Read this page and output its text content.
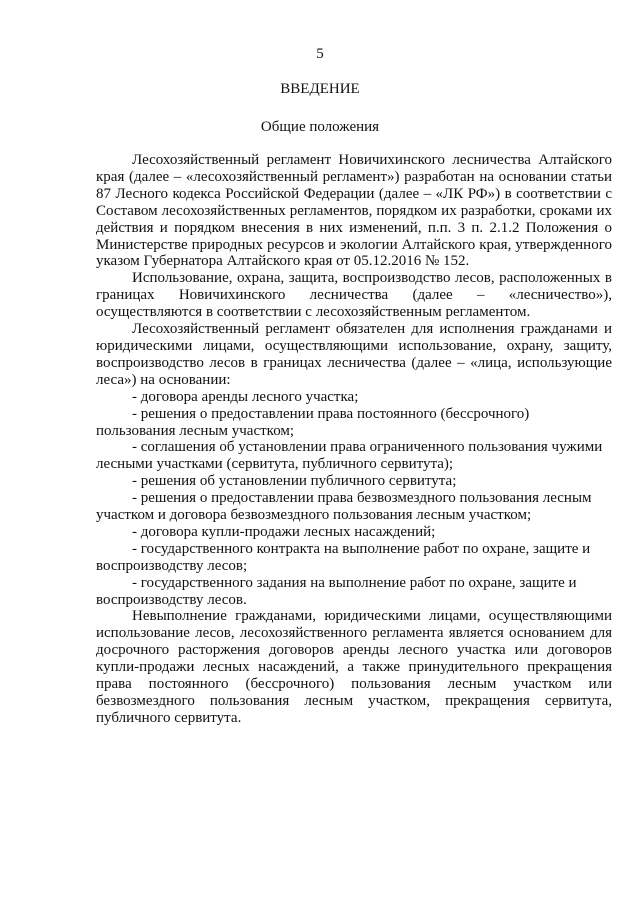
5
ВВЕДЕНИЕ
Общие положения

Лесохозяйственный регламент Новичихинского лесничества Алтайского края (далее – «лесохозяйственный регламент») разработан на основании статьи 87 Лесного кодекса Российской Федерации (далее – «ЛК РФ») в соответствии с Составом лесохозяйственных регламентов, порядком их разработки, сроками их действия и порядком внесения в них изменений, п.п. 3 п. 2.1.2 Положения о Министерстве природных ресурсов и экологии Алтайского края, утвержденного указом Губернатора Алтайского края от 05.12.2016 № 152.

Использование, охрана, защита, воспроизводство лесов, расположенных в границах Новичихинского лесничества (далее – «лесничество»), осуществляются в соответствии с лесохозяйственным регламентом.

Лесохозяйственный регламент обязателен для исполнения гражданами и юридическими лицами, осуществляющими использование, охрану, защиту, воспроизводство лесов в границах лесничества (далее – «лица, использующие леса») на основании:

- договора аренды лесного участка;

- решения о предоставлении права постоянного (бессрочного) пользования лесным участком;

- соглашения об установлении права ограниченного пользования чужими лесными участками (сервитута, публичного сервитута);

- решения об установлении публичного сервитута;

- решения о предоставлении права безвозмездного пользования лесным участком и договора безвозмездного пользования лесным участком;

- договора купли-продажи лесных насаждений;

- государственного контракта на выполнение работ по охране, защите и воспроизводству лесов;

- государственного задания на выполнение работ по охране, защите и воспроизводству лесов.

Невыполнение гражданами, юридическими лицами, осуществляющими использование лесов, лесохозяйственного регламента является основанием для досрочного расторжения договоров аренды лесного участка или договоров купли-продажи лесных насаждений, а также принудительного прекращения права постоянного (бессрочного) пользования лесным участком или безвозмездного пользования лесным участком, прекращения сервитута, публичного сервитута.
